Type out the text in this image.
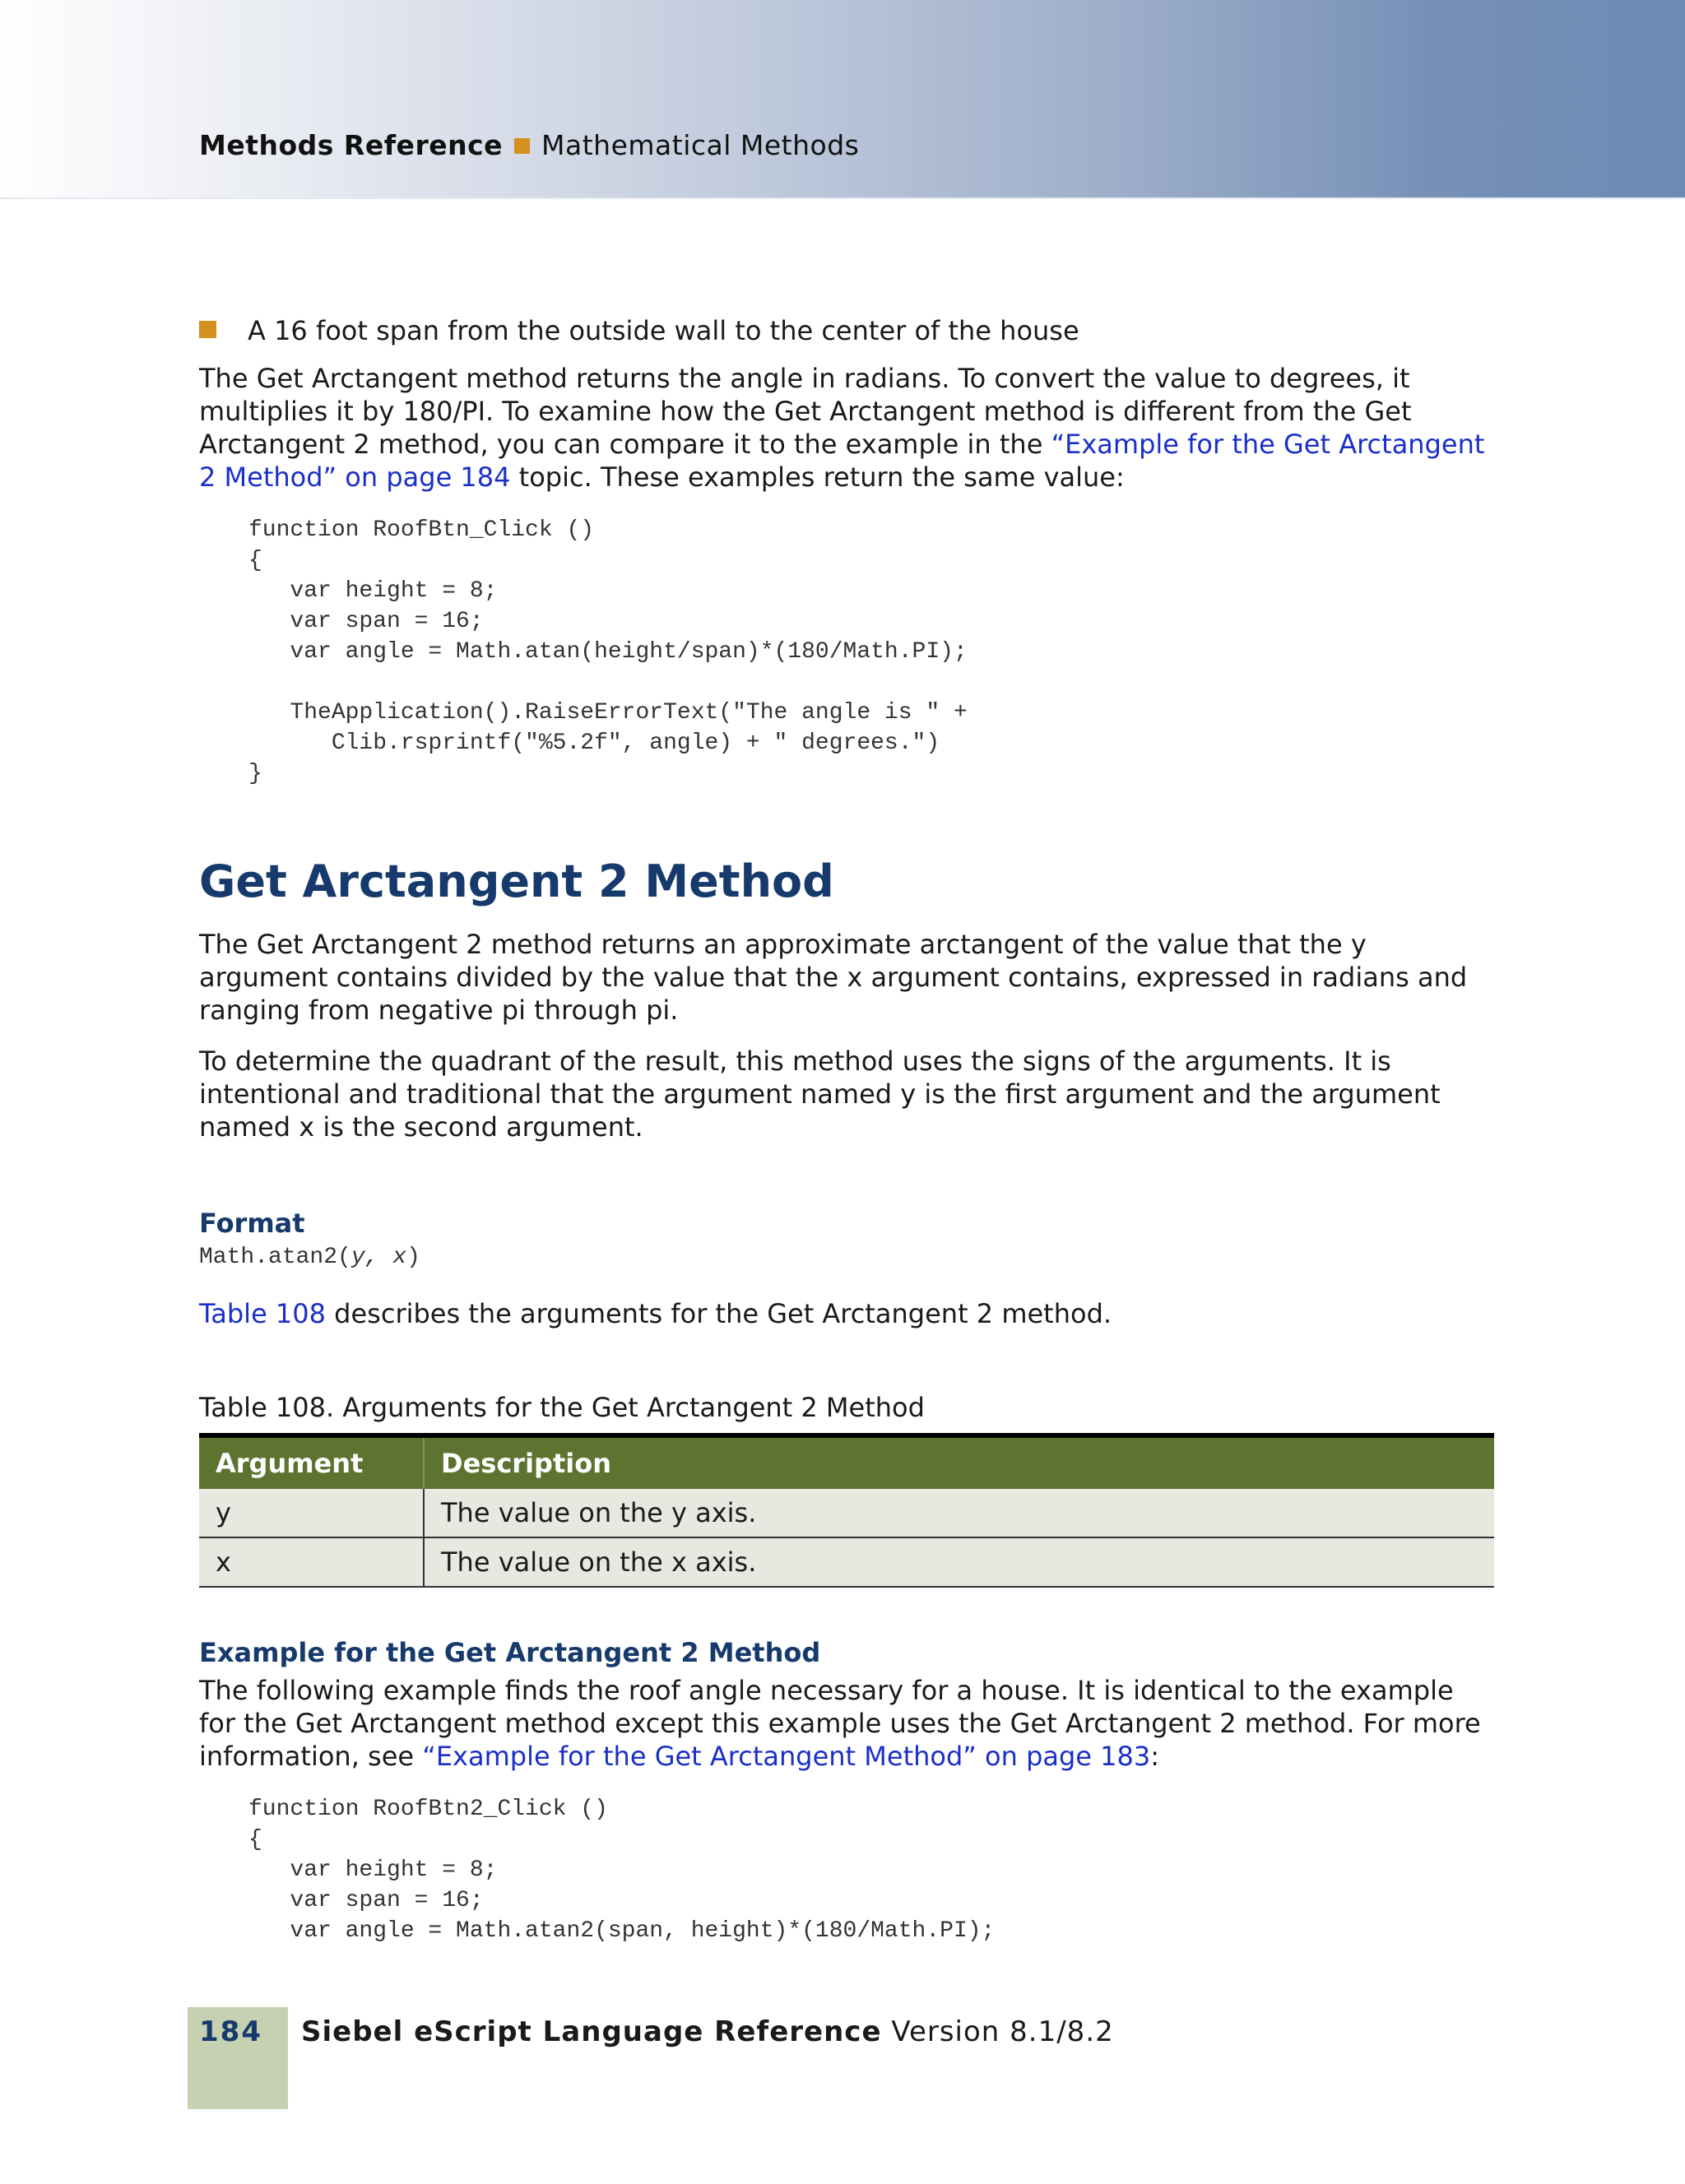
Methods Reference Mathematical Methods
A 16 foot span from the outside wall to the center of the house

The Get Arctangent method returns the angle in radians. To convert the value to degrees, it multiplies it by 180/PI. To examine how the Get Arctangent method is different from the Get Arctangent 2 method, you can compare it to the example in the “Example for the Get Arctangent 2 Method” on page 184 topic. These examples return the same value:

function RoofBtn_Click ()
{
var height = 8;
var span = 16;
var angle = Math.atan(height/span)*(180/Math.PI);

TheApplication().RaiseErrorText("The angle is " +
Clib.rsprintf("%5.2f", angle) + " degrees.")
}
Get Arctangent 2 Method

The Get Arctangent 2 method returns an approximate arctangent of the value that the y argument contains divided by the value that the x argument contains, expressed in radians and ranging from negative pi through pi.

To determine the quadrant of the result, this method uses the signs of the arguments. It is intentional and traditional that the argument named y is the first argument and the argument named x is the second argument.

Format
Math.atan2(y, x)

Table 108 describes the arguments for the Get Arctangent 2 method.

Table 108. Arguments for the Get Arctangent 2 Method
Argument	Description
y	The value on the y axis.
x	The value on the x axis.
Example for the Get Arctangent 2 Method

The following example finds the roof angle necessary for a house. It is identical to the example for the Get Arctangent method except this example uses the Get Arctangent 2 method. For more information, see “Example for the Get Arctangent Method” on page 183:

function RoofBtn2_Click ()
{
var height = 8;
var span = 16;
var angle = Math.atan2(span, height)*(180/Math.PI);
184 Siebel eScript Language Reference Version 8.1/8.2
